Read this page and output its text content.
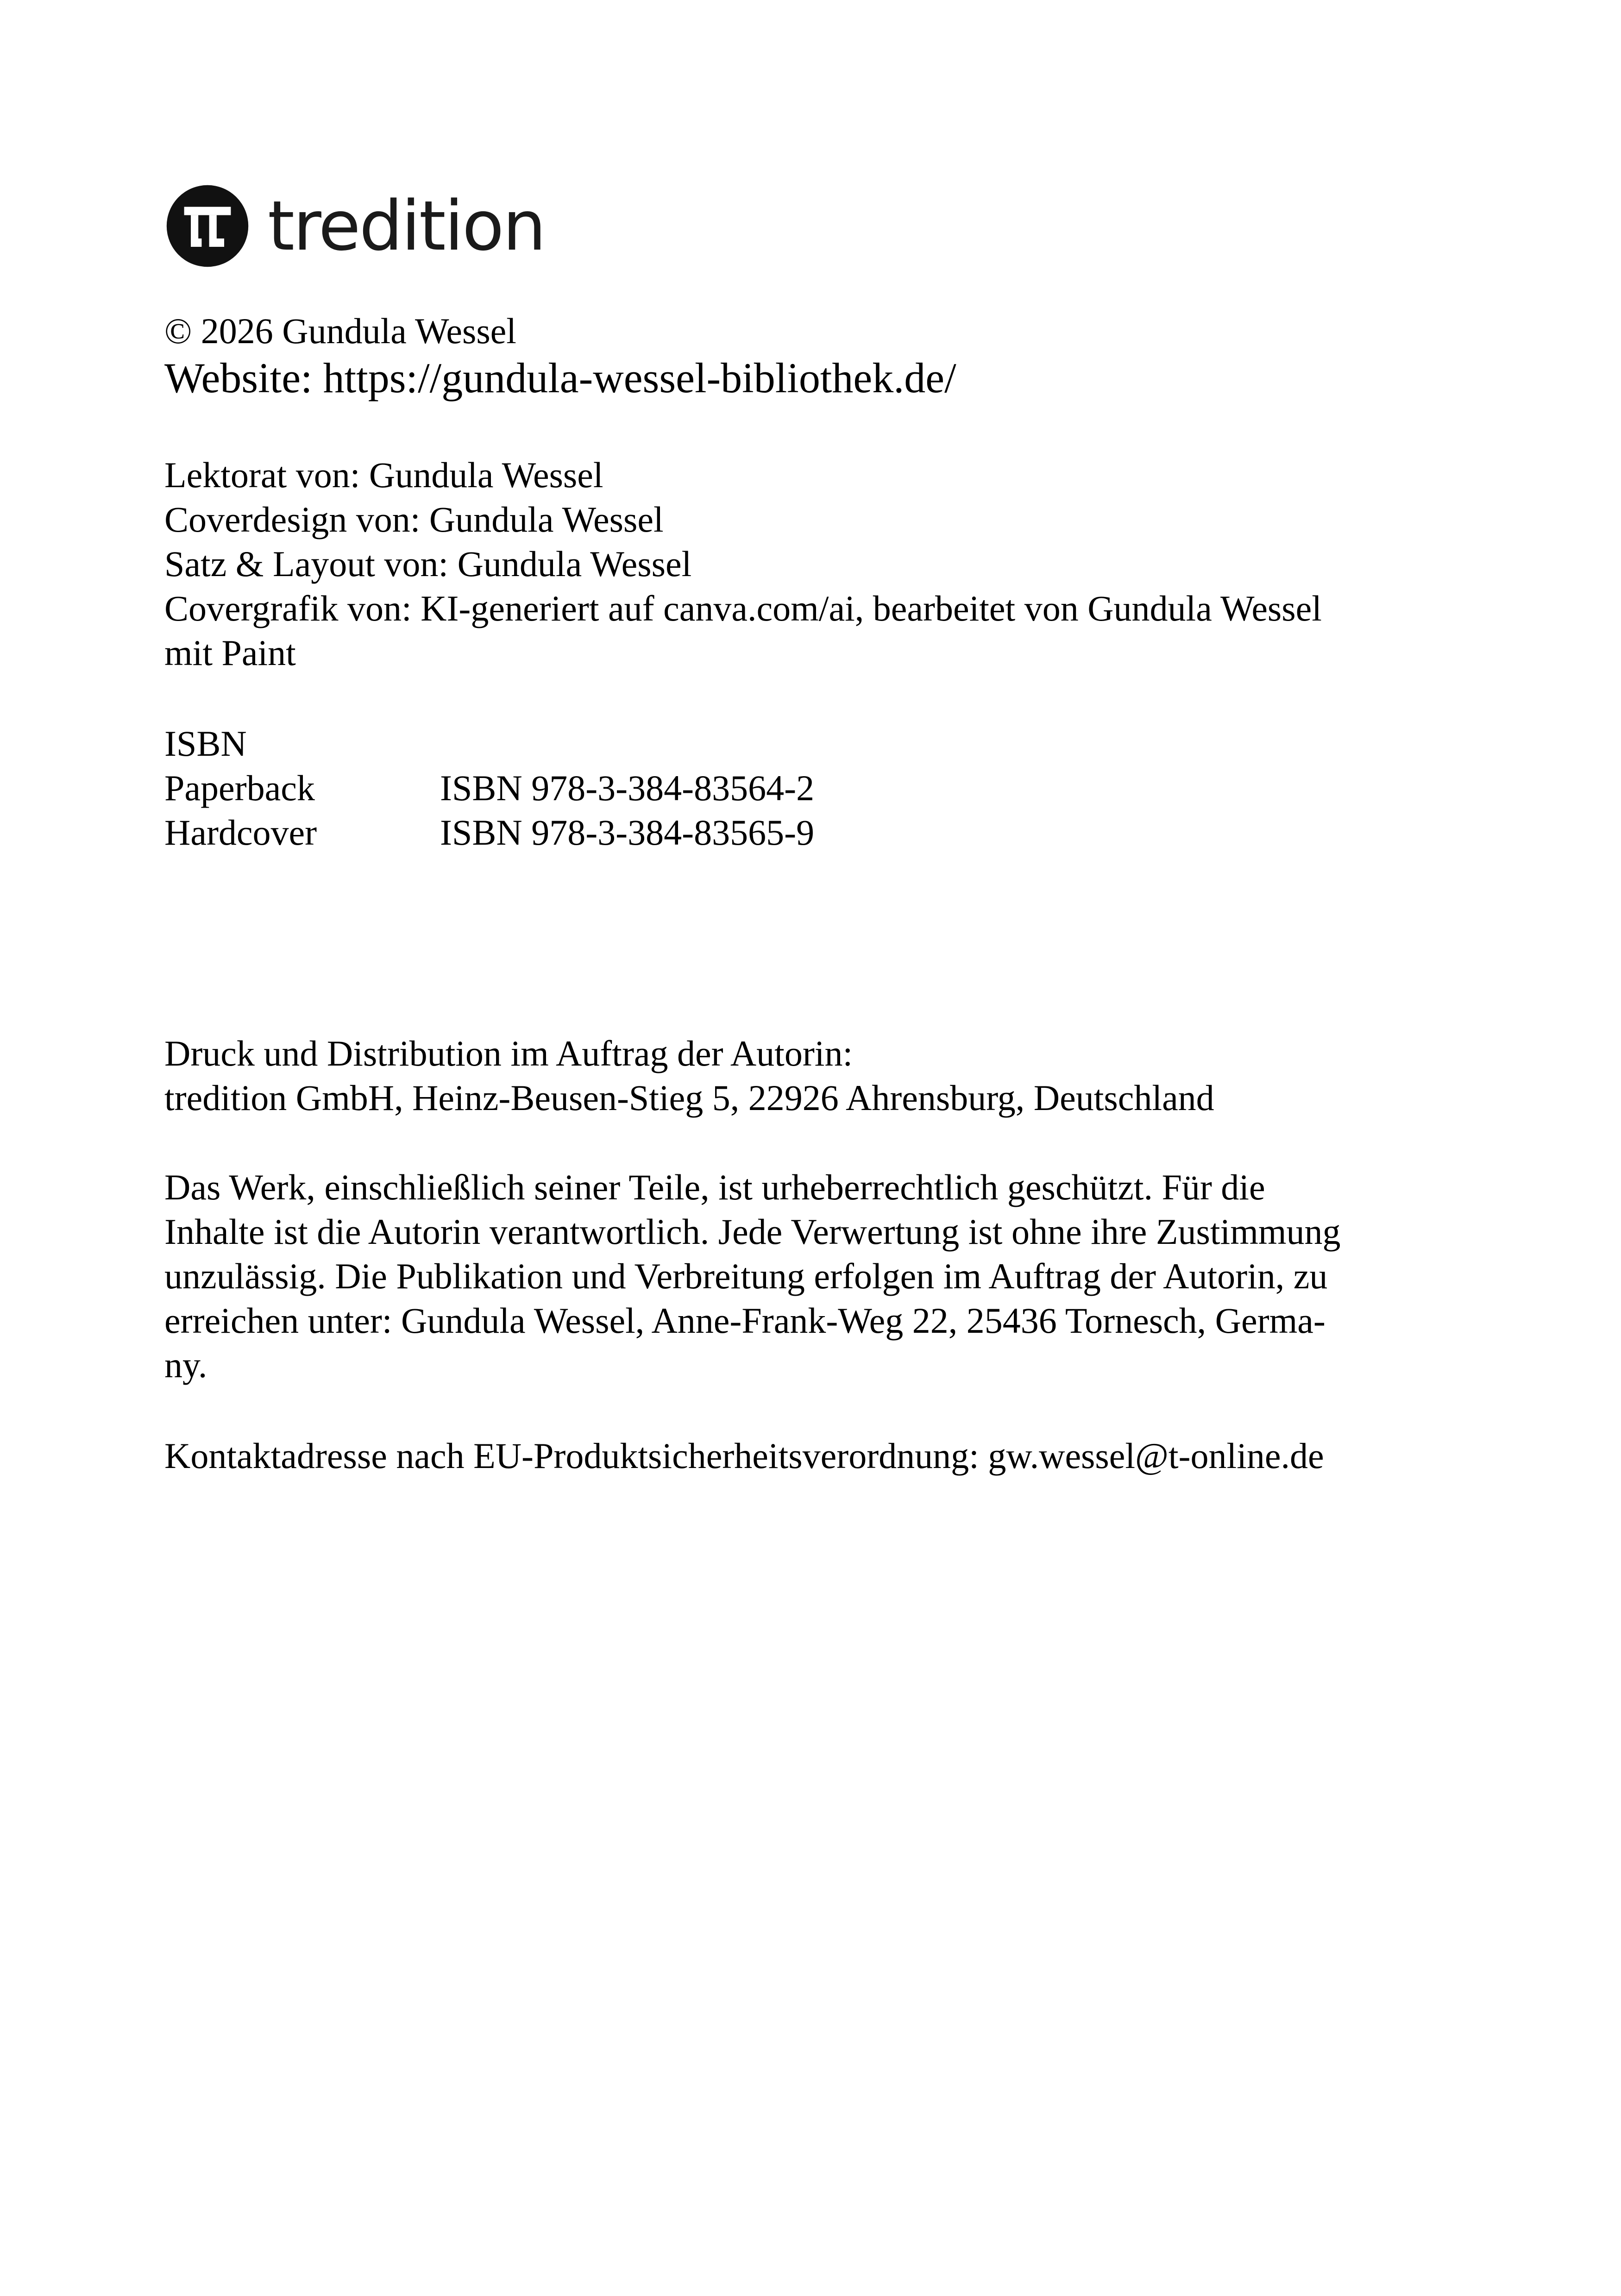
tredition
© 2026 Gundula Wessel
Website: https://gundula-wessel-bibliothek.de/
Lektorat von: Gundula Wessel
Coverdesign von: Gundula Wessel
Satz & Layout von: Gundula Wessel
Covergrafik von: KI-generiert auf canva.com/ai, bearbeitet von Gundula Wessel
mit Paint
ISBN
Paperback	ISBN 978-3-384-83564-2
Hardcover	ISBN 978-3-384-83565-9
Druck und Distribution im Auftrag der Autorin:
tredition GmbH, Heinz-Beusen-Stieg 5, 22926 Ahrensburg, Deutschland
Das Werk, einschließlich seiner Teile, ist urheberrechtlich geschützt. Für die
Inhalte ist die Autorin verantwortlich. Jede Verwertung ist ohne ihre Zustimmung
unzulässig. Die Publikation und Verbreitung erfolgen im Auftrag der Autorin, zu
erreichen unter: Gundula Wessel, Anne-Frank-Weg 22, 25436 Tornesch, Germa-
ny.
Kontaktadresse nach EU-Produktsicherheitsverordnung: gw.wessel@t-online.de
